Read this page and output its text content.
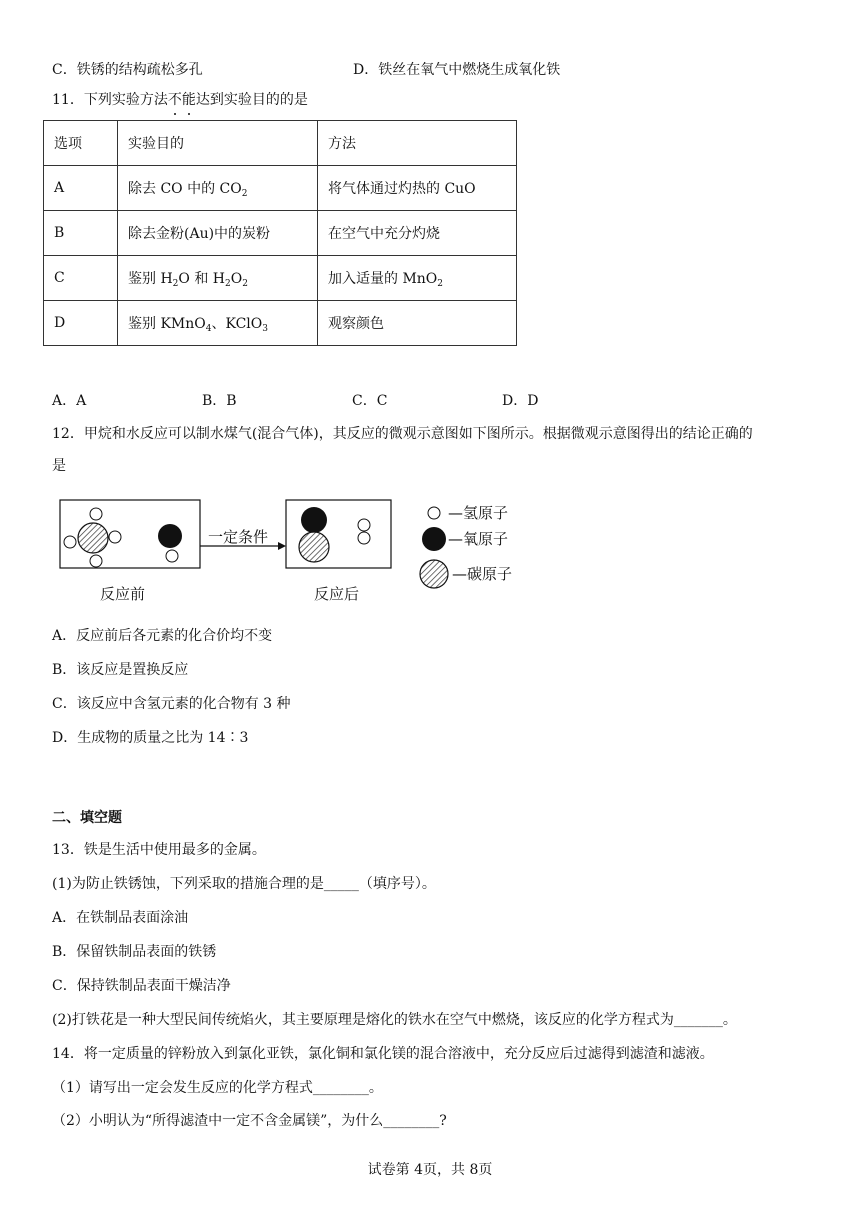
C．铁锈的结构疏松多孔	D．铁丝在氧气中燃烧生成氧化铁
11．下列实验方法不能达到实验目的的是
选项	实验目的	方法
A	除去 CO 中的 $CO_2$	将气体通过灼热的 CuO
B	除去金粉(Au)中的炭粉	在空气中充分灼烧
C	鉴别 $H_2O$ 和 $H_2O_2$	加入适量的 MnO$_2$
D	鉴别 KMnO$_4$、KClO$_3$	观察颜色
A．A	B．B	C．C	D．D
12．甲烷和水反应可以制水煤气(混合气体)，其反应的微观示意图如下图所示。根据微观示意图得出的结论正确的
是
一定条件
反应前	反应后
—氢原子
—氧原子
—碳原子
A．反应前后各元素的化合价均不变
B．该反应是置换反应
C．该反应中含氢元素的化合物有 3 种
D．生成物的质量之比为 14∶3
二、填空题
13．铁是生活中使用最多的金属。
(1)为防止铁锈蚀，下列采取的措施合理的是_____（填序号）。
A．在铁制品表面涂油
B．保留铁制品表面的铁锈
C．保持铁制品表面干燥洁净
(2)打铁花是一种大型民间传统焰火，其主要原理是熔化的铁水在空气中燃烧，该反应的化学方程式为_______。
14．将一定质量的锌粉放入到氯化亚铁，氯化铜和氯化镁的混合溶液中，充分反应后过滤得到滤渣和滤液。
（1）请写出一定会发生反应的化学方程式________。
（2）小明认为“所得滤渣中一定不含金属镁”，为什么________?
试卷第 4页，共 8页
